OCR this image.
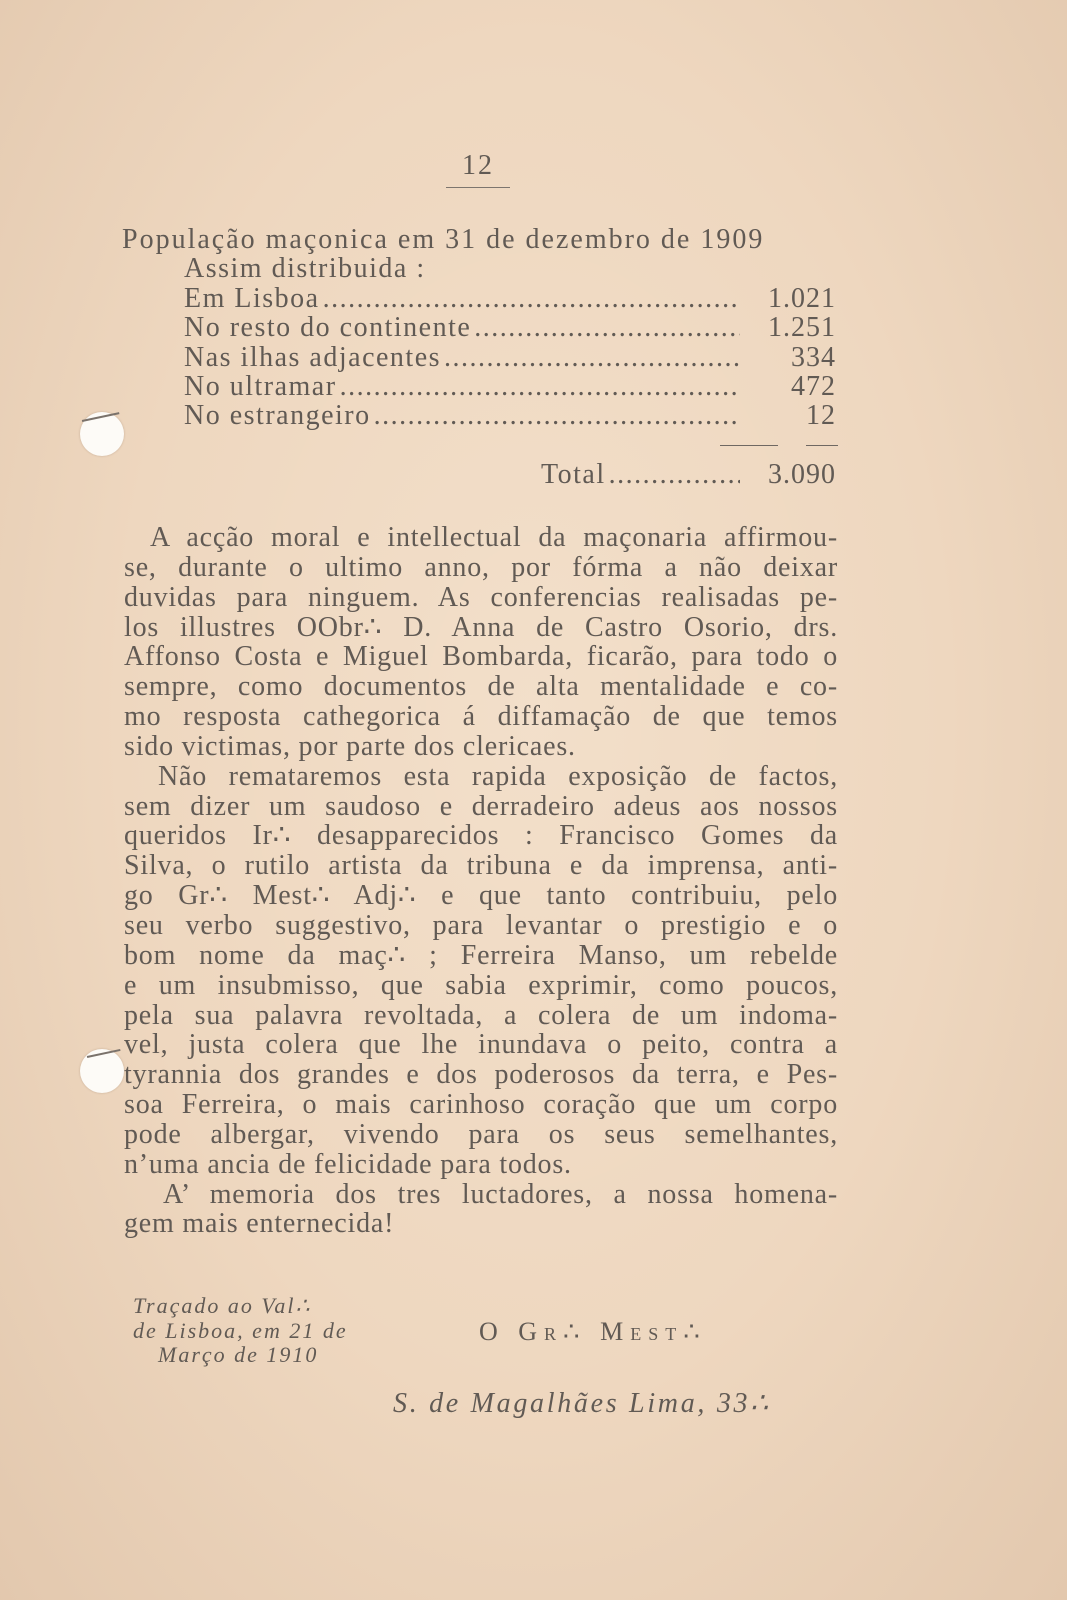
12
População maçonica em 31 de dezembro de 1909
Assim distribuida :
Em Lisboa .....	1.021
No resto do continente .....	1.251
Nas ilhas adjacentes .....	334
No ultramar .....	472
No estrangeiro .....	12
Total .....	3.090
A acção moral e intellectual da maçonaria affirmou-
se, durante o ultimo anno, por fórma a não deixar
duvidas para ninguem. As conferencias realisadas pe-
los illustres OObr∴ D. Anna de Castro Osorio, drs.
Affonso Costa e Miguel Bombarda, ficarão, para todo o
sempre, como documentos de alta mentalidade e co-
mo resposta cathegorica á diffamação de que temos
sido victimas, por parte dos clericaes.
Não remataremos esta rapida exposição de factos,
sem dizer um saudoso e derradeiro adeus aos nossos
queridos Ir∴ desapparecidos : Francisco Gomes da
Silva, o rutilo artista da tribuna e da imprensa, anti-
go Gr∴ Mest∴ Adj∴ e que tanto contribuiu, pelo
seu verbo suggestivo, para levantar o prestigio e o
bom nome da maç∴ ; Ferreira Manso, um rebelde
e um insubmisso, que sabia exprimir, como poucos,
pela sua palavra revoltada, a colera de um indoma-
vel, justa colera que lhe inundava o peito, contra a
tyrannia dos grandes e dos poderosos da terra, e Pes-
soa Ferreira, o mais carinhoso coração que um corpo
pode albergar, vivendo para os seus semelhantes,
n’uma ancia de felicidade para todos.
A’ memoria dos tres luctadores, a nossa homena-
gem mais enternecida!
Traçado ao Val∴
de Lisboa, em 21 de
Março de 1910
O Gr∴ Mest∴
S. de Magalhães Lima, 33∴
